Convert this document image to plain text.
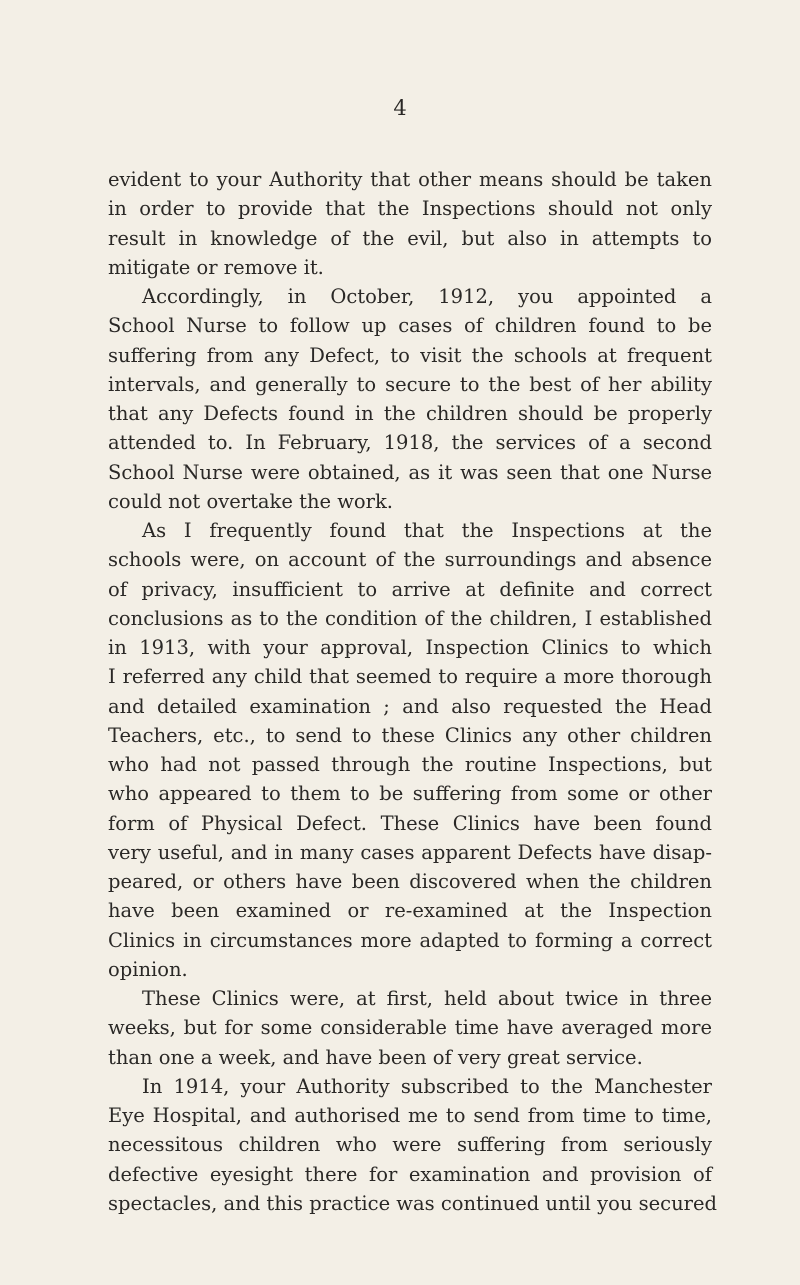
4
evident to your Authority that other means should be taken
in order to provide that the Inspections should not only
result in knowledge of the evil, but also in attempts to
mitigate or remove it.
Accordingly, in October, 1912, you appointed a
School Nurse to follow up cases of children found to be
suffering from any Defect, to visit the schools at frequent
intervals, and generally to secure to the best of her ability
that any Defects found in the children should be properly
attended to. In February, 1918, the services of a second
School Nurse were obtained, as it was seen that one Nurse
could not overtake the work.
As I frequently found that the Inspections at the
schools were, on account of the surroundings and absence
of privacy, insufficient to arrive at definite and correct
conclusions as to the condition of the children, I established
in 1913, with your approval, Inspection Clinics to which
I referred any child that seemed to require a more thorough
and detailed examination ; and also requested the Head
Teachers, etc., to send to these Clinics any other children
who had not passed through the routine Inspections, but
who appeared to them to be suffering from some or other
form of Physical Defect. These Clinics have been found
very useful, and in many cases apparent Defects have disap-
peared, or others have been discovered when the children
have been examined or re-examined at the Inspection
Clinics in circumstances more adapted to forming a correct
opinion.
These Clinics were, at first, held about twice in three
weeks, but for some considerable time have averaged more
than one a week, and have been of very great service.
In 1914, your Authority subscribed to the Manchester
Eye Hospital, and authorised me to send from time to time,
necessitous children who were suffering from seriously
defective eyesight there for examination and provision of
spectacles, and this practice was continued until you secured
